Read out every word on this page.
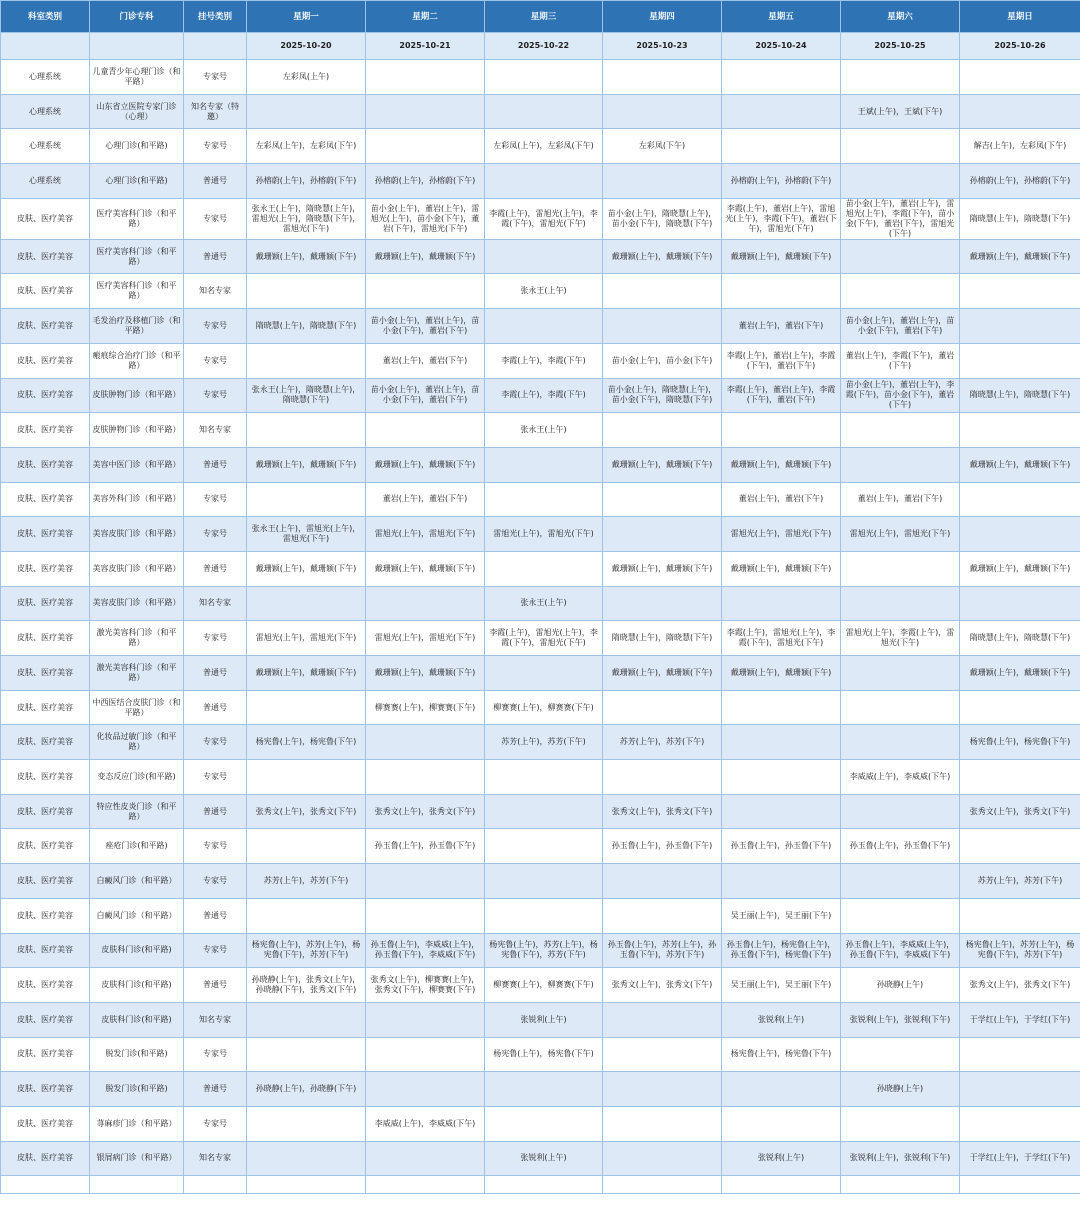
科室类别	门诊专科	挂号类别	星期一	星期二	星期三	星期四	星期五	星期六	星期日
			2025-10-20	2025-10-21	2025-10-22	2025-10-23	2025-10-24	2025-10-25	2025-10-26
心理系统	儿童青少年心理门诊（和平路）	专家号	左彩凤(上午)						
心理系统	山东省立医院专家门诊（心理）	知名专家（特邀）						王斌(上午)，王斌(下午)	
心理系统	心理门诊(和平路)	专家号	左彩凤(上午)，左彩凤(下午)		左彩凤(上午)，左彩凤(下午)	左彩凤(下午)			解吉(上午)，左彩凤(下午)
心理系统	心理门诊(和平路)	普通号	孙榕蔚(上午)，孙榕蔚(下午)	孙榕蔚(上午)，孙榕蔚(下午)			孙榕蔚(上午)，孙榕蔚(下午)		孙榕蔚(上午)，孙榕蔚(下午)
皮肤、医疗美容	医疗美容科门诊（和平路）	专家号	张永王(上午)，隋晓慧(上午)，雷旭光(上午)，隋晓慧(下午)，雷旭光(下午)	苗小金(上午)，董岩(上午)，雷旭光(上午)，苗小金(下午)，董岩(下午)，雷旭光(下午)	李霞(上午)，雷旭光(上午)，李霞(下午)，雷旭光(下午)	苗小金(上午)，隋晓慧(上午)，苗小金(下午)，隋晓慧(下午)	李霞(上午)，董岩(上午)，雷旭光(上午)，李霞(下午)，董岩(下午)，雷旭光(下午)	苗小金(上午)，董岩(上午)，雷旭光(上午)，李霞(下午)，苗小金(下午)，董岩(下午)，雷旭光(下午)	隋晓慧(上午)，隋晓慧(下午)
皮肤、医疗美容	医疗美容科门诊（和平路）	普通号	戴珊颖(上午)，戴珊颖(下午)	戴珊颖(上午)，戴珊颖(下午)		戴珊颖(上午)，戴珊颖(下午)	戴珊颖(上午)，戴珊颖(下午)		戴珊颖(上午)，戴珊颖(下午)
皮肤、医疗美容	医疗美容科门诊（和平路）	知名专家			张永王(上午)				
皮肤、医疗美容	毛发治疗及移植门诊（和平路）	专家号	隋晓慧(上午)，隋晓慧(下午)	苗小金(上午)，董岩(上午)，苗小金(下午)，董岩(下午)			董岩(上午)，董岩(下午)	苗小金(上午)，董岩(上午)，苗小金(下午)，董岩(下午)	
皮肤、医疗美容	瘢痕综合治疗门诊（和平路）	专家号		董岩(上午)，董岩(下午)	李霞(上午)，李霞(下午)	苗小金(上午)，苗小金(下午)	李霞(上午)，董岩(上午)，李霞(下午)，董岩(下午)	董岩(上午)，李霞(下午)，董岩(下午)	
皮肤、医疗美容	皮肤肿物门诊（和平路）	专家号	张永王(上午)，隋晓慧(上午)，隋晓慧(下午)	苗小金(上午)，董岩(上午)，苗小金(下午)，董岩(下午)	李霞(上午)，李霞(下午)	苗小金(上午)，隋晓慧(上午)，苗小金(下午)，隋晓慧(下午)	李霞(上午)，董岩(上午)，李霞(下午)，董岩(下午)	苗小金(上午)，董岩(上午)，李霞(下午)，苗小金(下午)，董岩(下午)	隋晓慧(上午)，隋晓慧(下午)
皮肤、医疗美容	皮肤肿物门诊（和平路）	知名专家			张永王(上午)				
皮肤、医疗美容	美容中医门诊（和平路）	普通号	戴珊颖(上午)，戴珊颖(下午)	戴珊颖(上午)，戴珊颖(下午)		戴珊颖(上午)，戴珊颖(下午)	戴珊颖(上午)，戴珊颖(下午)		戴珊颖(上午)，戴珊颖(下午)
皮肤、医疗美容	美容外科门诊（和平路）	专家号		董岩(上午)，董岩(下午)			董岩(上午)，董岩(下午)	董岩(上午)，董岩(下午)	
皮肤、医疗美容	美容皮肤门诊（和平路）	专家号	张永王(上午)，雷旭光(上午)，雷旭光(下午)	雷旭光(上午)，雷旭光(下午)	雷旭光(上午)，雷旭光(下午)		雷旭光(上午)，雷旭光(下午)	雷旭光(上午)，雷旭光(下午)	
皮肤、医疗美容	美容皮肤门诊（和平路）	普通号	戴珊颖(上午)，戴珊颖(下午)	戴珊颖(上午)，戴珊颖(下午)		戴珊颖(上午)，戴珊颖(下午)	戴珊颖(上午)，戴珊颖(下午)		戴珊颖(上午)，戴珊颖(下午)
皮肤、医疗美容	美容皮肤门诊（和平路）	知名专家			张永王(上午)				
皮肤、医疗美容	激光美容科门诊（和平路）	专家号	雷旭光(上午)，雷旭光(下午)	雷旭光(上午)，雷旭光(下午)	李霞(上午)，雷旭光(上午)，李霞(下午)，雷旭光(下午)	隋晓慧(上午)，隋晓慧(下午)	李霞(上午)，雷旭光(上午)，李霞(下午)，雷旭光(下午)	雷旭光(上午)，李霞(上午)，雷旭光(下午)	隋晓慧(上午)，隋晓慧(下午)
皮肤、医疗美容	激光美容科门诊（和平路）	普通号	戴珊颖(上午)，戴珊颖(下午)	戴珊颖(上午)，戴珊颖(下午)		戴珊颖(上午)，戴珊颖(下午)	戴珊颖(上午)，戴珊颖(下午)		戴珊颖(上午)，戴珊颖(下午)
皮肤、医疗美容	中西医结合皮肤门诊（和平路）	普通号		柳赛赛(上午)，柳赛赛(下午)	柳赛赛(上午)，柳赛赛(下午)				
皮肤、医疗美容	化妆品过敏门诊（和平路）	专家号	杨宪鲁(上午)，杨宪鲁(下午)		苏芳(上午)，苏芳(下午)	苏芳(上午)，苏芳(下午)			杨宪鲁(上午)，杨宪鲁(下午)
皮肤、医疗美容	变态反应门诊(和平路)	专家号						李威威(上午)，李威威(下午)	
皮肤、医疗美容	特应性皮炎门诊（和平路）	普通号	张秀文(上午)，张秀文(下午)	张秀文(上午)，张秀文(下午)		张秀文(上午)，张秀文(下午)			张秀文(上午)，张秀文(下午)
皮肤、医疗美容	痤疮门诊(和平路)	专家号		孙玉鲁(上午)，孙玉鲁(下午)		孙玉鲁(上午)，孙玉鲁(下午)	孙玉鲁(上午)，孙玉鲁(下午)	孙玉鲁(上午)，孙玉鲁(下午)	
皮肤、医疗美容	白癜风门诊（和平路）	专家号	苏芳(上午)，苏芳(下午)						苏芳(上午)，苏芳(下午)
皮肤、医疗美容	白癜风门诊（和平路）	普通号					吴王丽(上午)，吴王丽(下午)		
皮肤、医疗美容	皮肤科门诊(和平路)	专家号	杨宪鲁(上午)，苏芳(上午)，杨宪鲁(下午)，苏芳(下午)	孙玉鲁(上午)，李威威(上午)，孙玉鲁(下午)，李威威(下午)	杨宪鲁(上午)，苏芳(上午)，杨宪鲁(下午)，苏芳(下午)	孙玉鲁(上午)，苏芳(上午)，孙玉鲁(下午)，苏芳(下午)	孙玉鲁(上午)，杨宪鲁(上午)，孙玉鲁(下午)，杨宪鲁(下午)	孙玉鲁(上午)，李威威(上午)，孙玉鲁(下午)，李威威(下午)	杨宪鲁(上午)，苏芳(上午)，杨宪鲁(下午)，苏芳(下午)
皮肤、医疗美容	皮肤科门诊(和平路)	普通号	孙晓静(上午)，张秀文(上午)，孙晓静(下午)，张秀文(下午)	张秀文(上午)，柳赛赛(上午)，张秀文(下午)，柳赛赛(下午)	柳赛赛(上午)，柳赛赛(下午)	张秀文(上午)，张秀文(下午)	吴王丽(上午)，吴王丽(下午)	孙晓静(上午)	张秀文(上午)，张秀文(下午)
皮肤、医疗美容	皮肤科门诊(和平路)	知名专家			张锐利(上午)		张锐利(上午)	张锐利(上午)，张锐利(下午)	于学红(上午)，于学红(下午)
皮肤、医疗美容	脱发门诊(和平路)	专家号			杨宪鲁(上午)，杨宪鲁(下午)		杨宪鲁(上午)，杨宪鲁(下午)		
皮肤、医疗美容	脱发门诊(和平路)	普通号	孙晓静(上午)，孙晓静(下午)					孙晓静(上午)	
皮肤、医疗美容	荨麻疹门诊（和平路）	专家号		李威威(上午)，李威威(下午)					
皮肤、医疗美容	银屑病门诊（和平路）	知名专家			张锐利(上午)		张锐利(上午)	张锐利(上午)，张锐利(下午)	于学红(上午)，于学红(下午)
